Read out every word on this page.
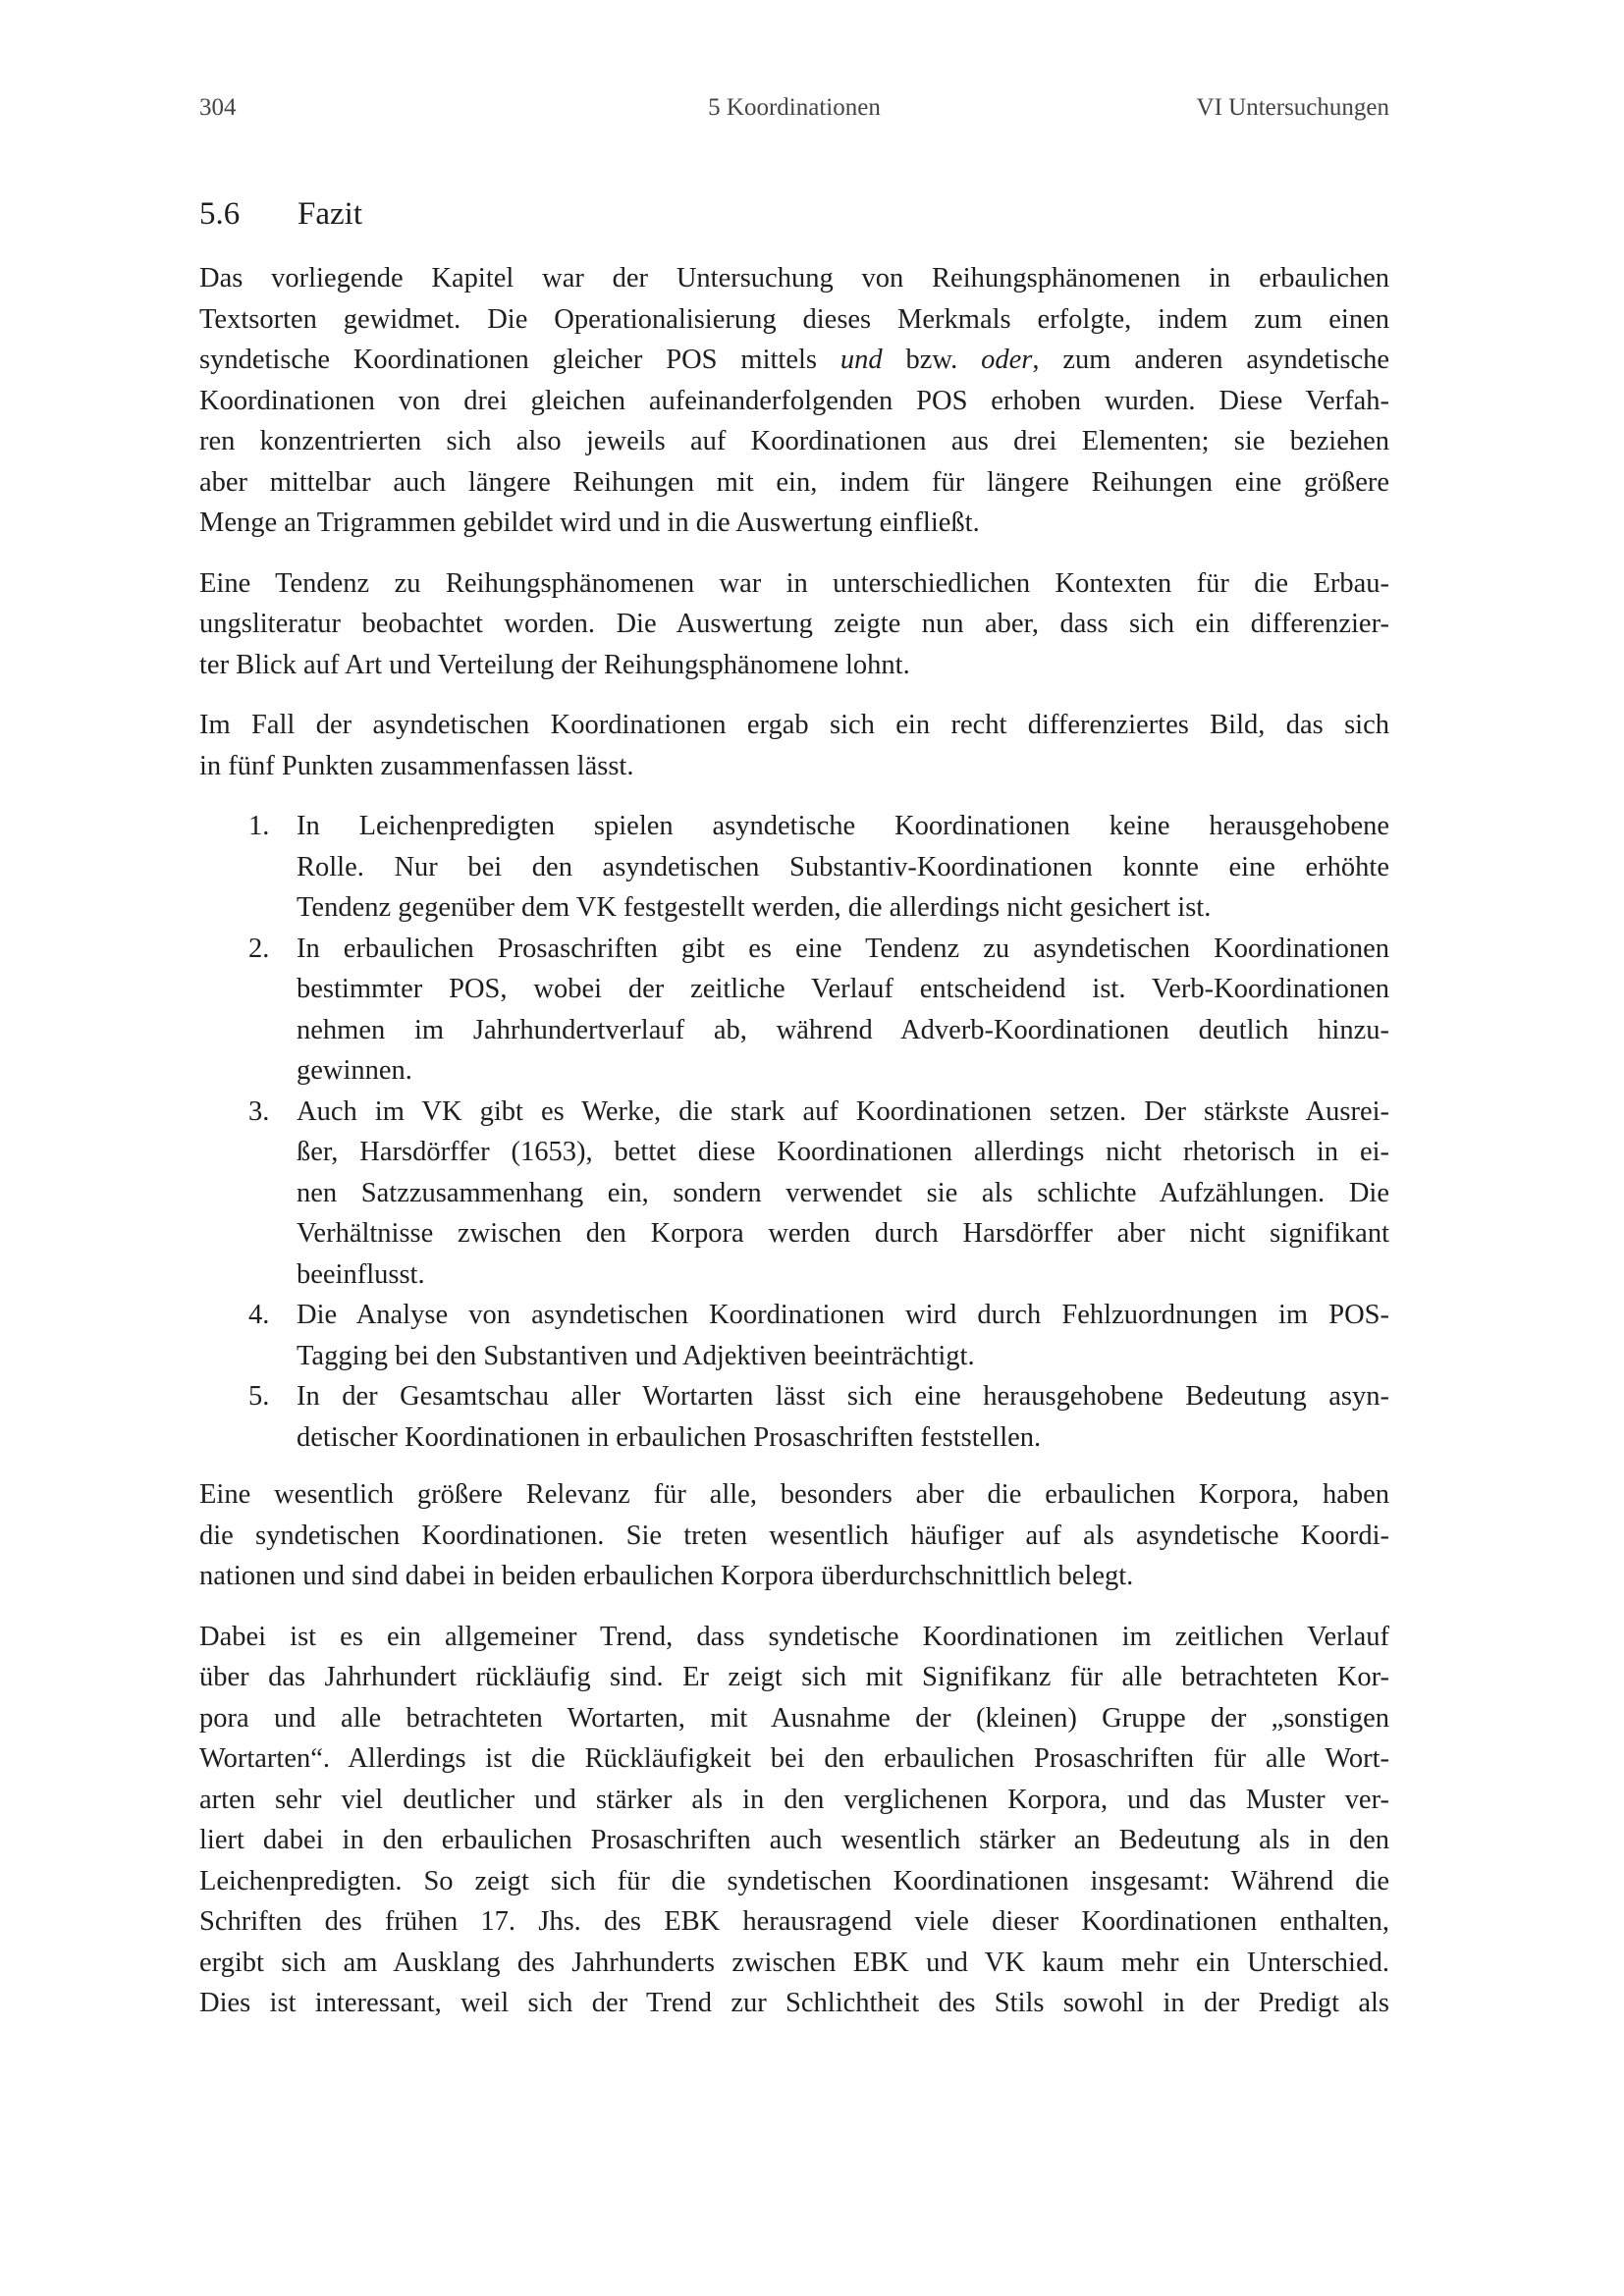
304	5 Koordinationen	VI Untersuchungen
5.6 Fazit
Das vorliegende Kapitel war der Untersuchung von Reihungsphänomenen in erbaulichen
Textsorten gewidmet. Die Operationalisierung dieses Merkmals erfolgte, indem zum einen
syndetische Koordinationen gleicher POS mittels und bzw. oder, zum anderen asyndetische
Koordinationen von drei gleichen aufeinanderfolgenden POS erhoben wurden. Diese Verfah-
ren konzentrierten sich also jeweils auf Koordinationen aus drei Elementen; sie beziehen
aber mittelbar auch längere Reihungen mit ein, indem für längere Reihungen eine größere
Menge an Trigrammen gebildet wird und in die Auswertung einfließt.
Eine Tendenz zu Reihungsphänomenen war in unterschiedlichen Kontexten für die Erbau-
ungsliteratur beobachtet worden. Die Auswertung zeigte nun aber, dass sich ein differenzier-
ter Blick auf Art und Verteilung der Reihungsphänomene lohnt.
Im Fall der asyndetischen Koordinationen ergab sich ein recht differenziertes Bild, das sich
in fünf Punkten zusammenfassen lässt.
1. In Leichenpredigten spielen asyndetische Koordinationen keine herausgehobene
Rolle. Nur bei den asyndetischen Substantiv-Koordinationen konnte eine erhöhte
Tendenz gegenüber dem VK festgestellt werden, die allerdings nicht gesichert ist.
2. In erbaulichen Prosaschriften gibt es eine Tendenz zu asyndetischen Koordinationen
bestimmter POS, wobei der zeitliche Verlauf entscheidend ist. Verb-Koordinationen
nehmen im Jahrhundertverlauf ab, während Adverb-Koordinationen deutlich hinzu-
gewinnen.
3. Auch im VK gibt es Werke, die stark auf Koordinationen setzen. Der stärkste Ausrei-
ßer, Harsdörffer (1653), bettet diese Koordinationen allerdings nicht rhetorisch in ei-
nen Satzzusammenhang ein, sondern verwendet sie als schlichte Aufzählungen. Die
Verhältnisse zwischen den Korpora werden durch Harsdörffer aber nicht signifikant
beeinflusst.
4. Die Analyse von asyndetischen Koordinationen wird durch Fehlzuordnungen im POS-
Tagging bei den Substantiven und Adjektiven beeinträchtigt.
5. In der Gesamtschau aller Wortarten lässt sich eine herausgehobene Bedeutung asyn-
detischer Koordinationen in erbaulichen Prosaschriften feststellen.
Eine wesentlich größere Relevanz für alle, besonders aber die erbaulichen Korpora, haben
die syndetischen Koordinationen. Sie treten wesentlich häufiger auf als asyndetische Koordi-
nationen und sind dabei in beiden erbaulichen Korpora überdurchschnittlich belegt.
Dabei ist es ein allgemeiner Trend, dass syndetische Koordinationen im zeitlichen Verlauf
über das Jahrhundert rückläufig sind. Er zeigt sich mit Signifikanz für alle betrachteten Kor-
pora und alle betrachteten Wortarten, mit Ausnahme der (kleinen) Gruppe der „sonstigen
Wortarten“. Allerdings ist die Rückläufigkeit bei den erbaulichen Prosaschriften für alle Wort-
arten sehr viel deutlicher und stärker als in den verglichenen Korpora, und das Muster ver-
liert dabei in den erbaulichen Prosaschriften auch wesentlich stärker an Bedeutung als in den
Leichenpredigten. So zeigt sich für die syndetischen Koordinationen insgesamt: Während die
Schriften des frühen 17. Jhs. des EBK herausragend viele dieser Koordinationen enthalten,
ergibt sich am Ausklang des Jahrhunderts zwischen EBK und VK kaum mehr ein Unterschied.
Dies ist interessant, weil sich der Trend zur Schlichtheit des Stils sowohl in der Predigt als
